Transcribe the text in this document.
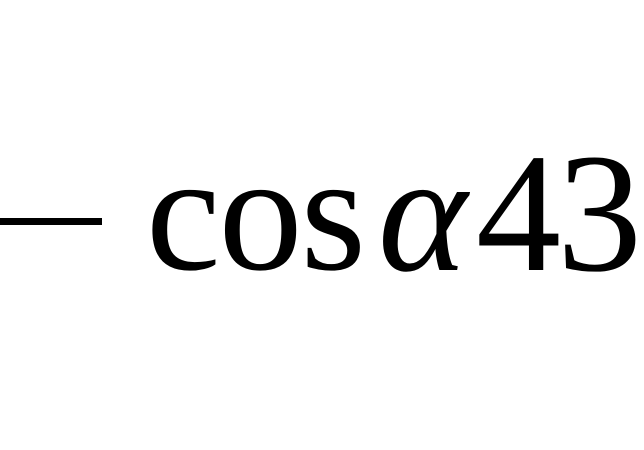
cos α 43
